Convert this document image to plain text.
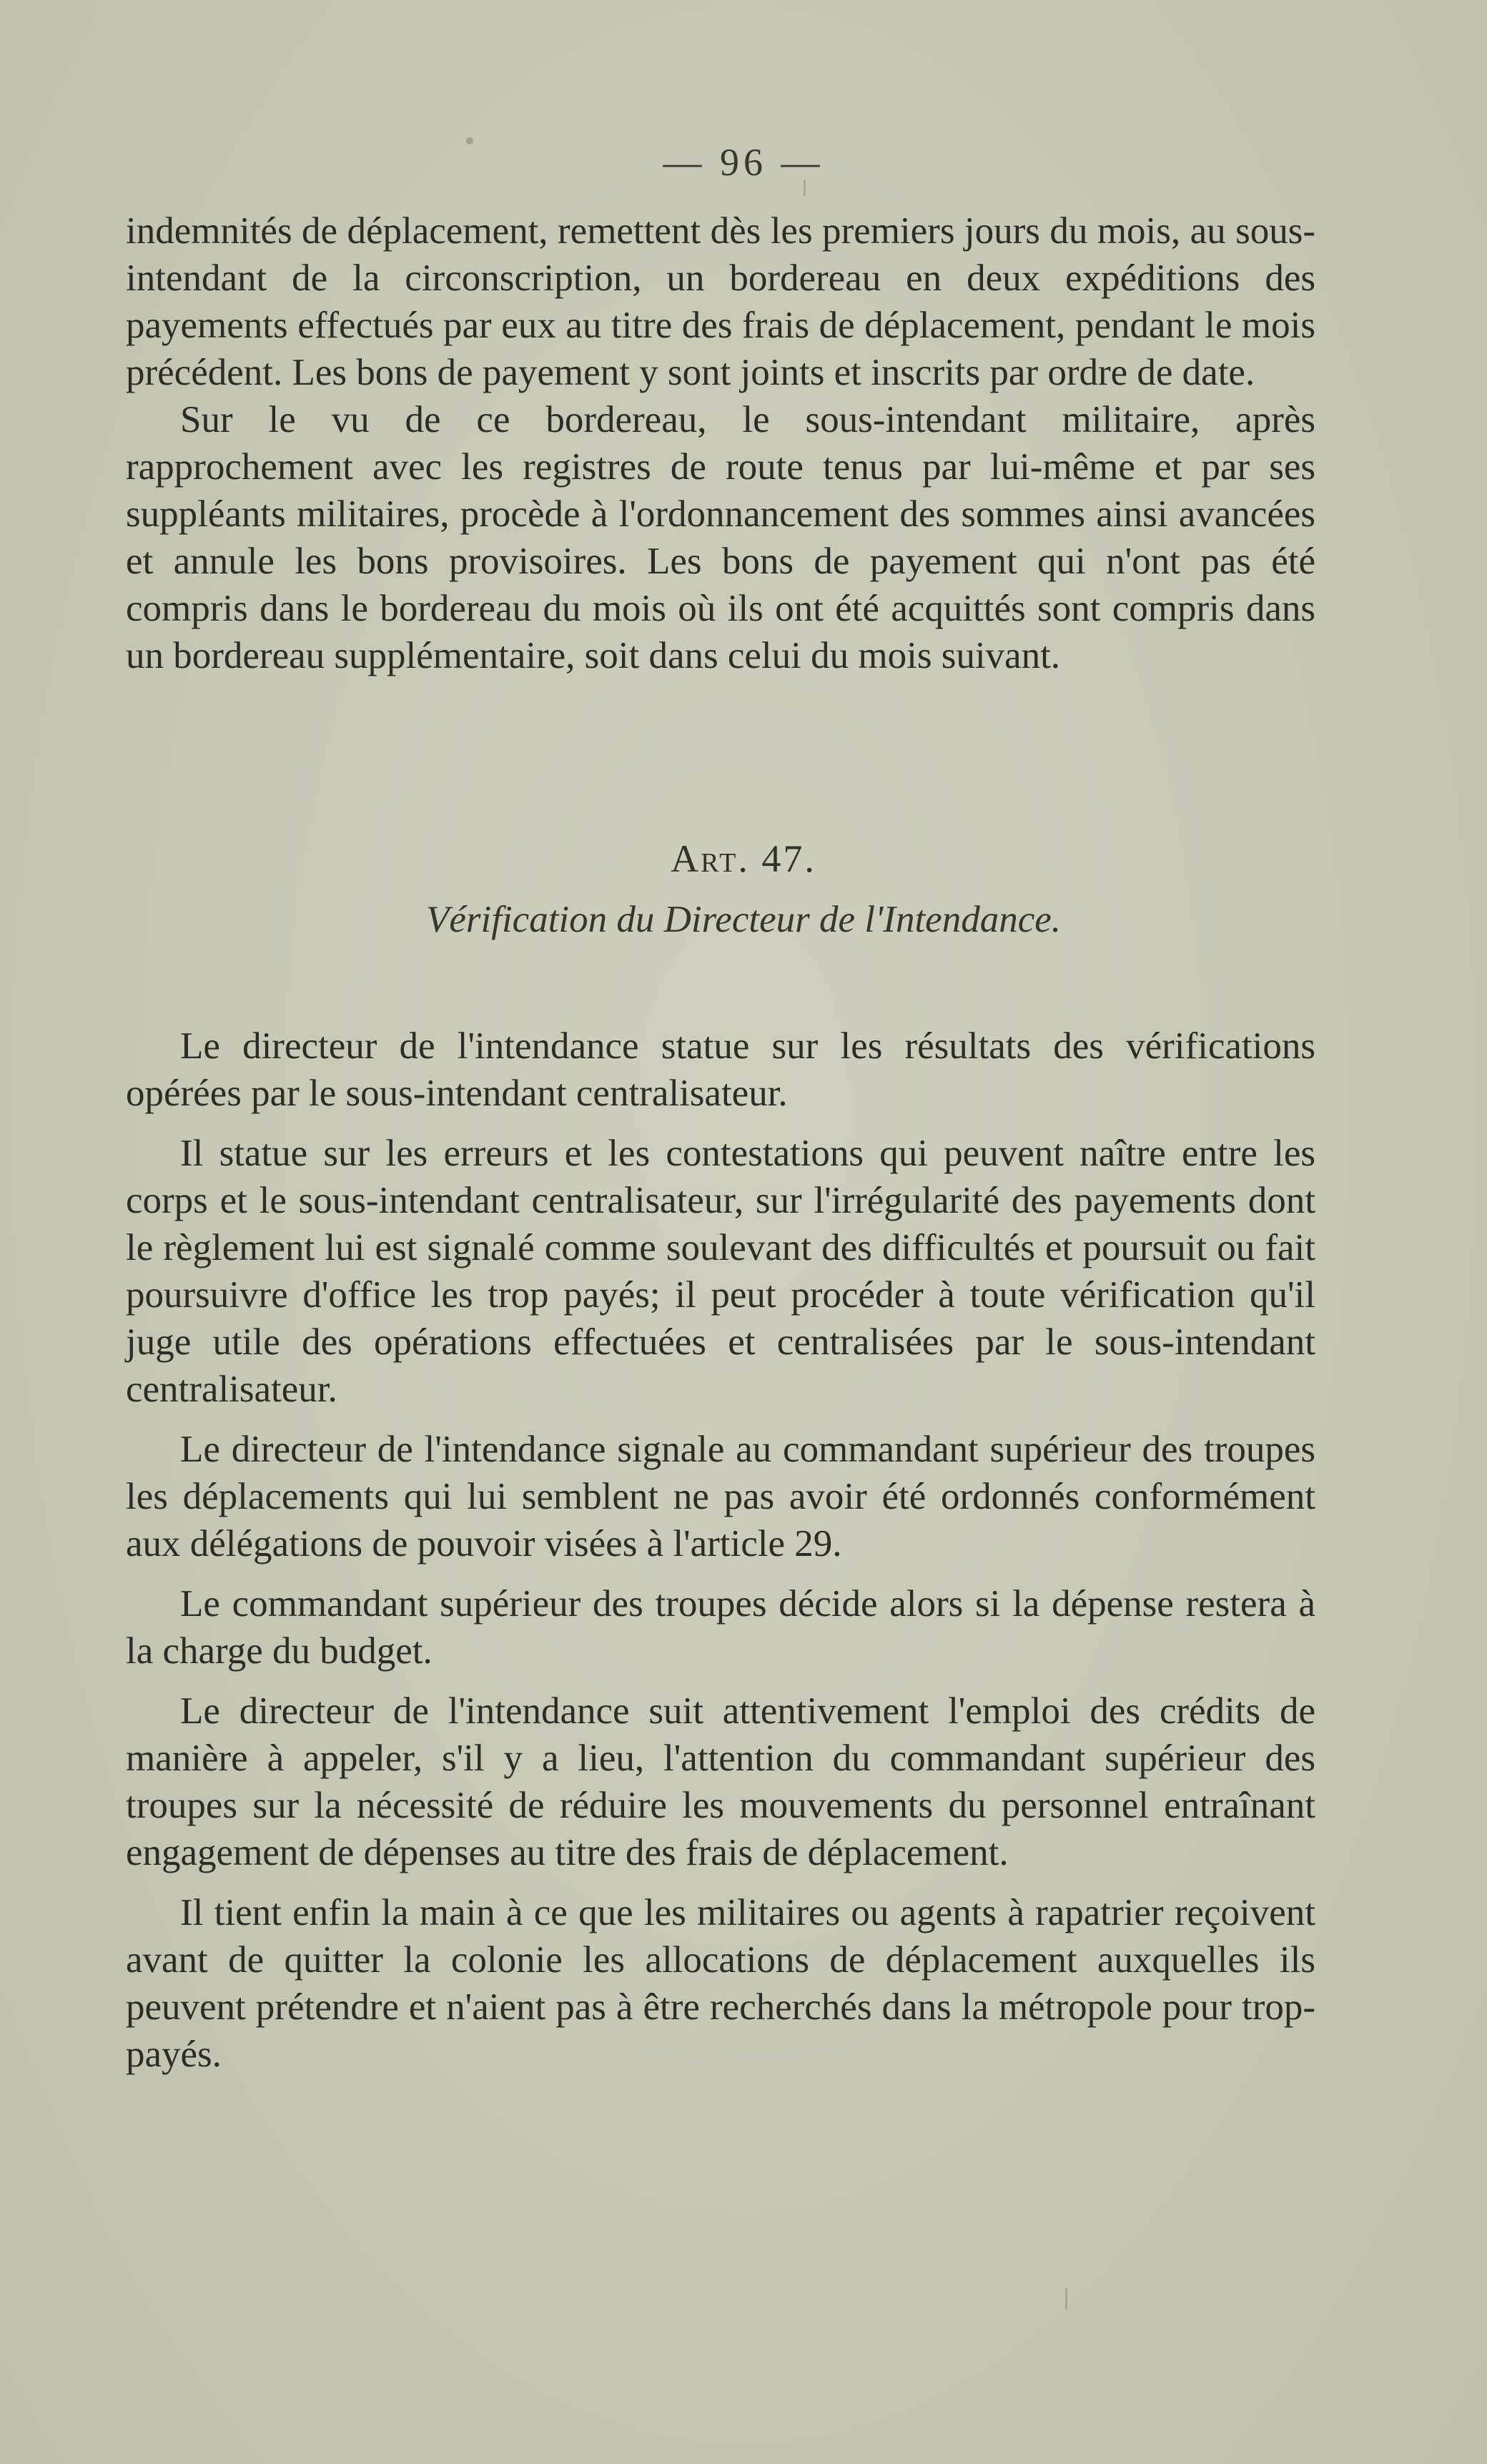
— 96 —

indemnités de déplacement, remettent dès les premiers jours du mois, au sous-intendant de la circonscription, un bordereau en deux expéditions des payements effectués par eux au titre des frais de déplacement, pendant le mois précédent. Les bons de payement y sont joints et inscrits par ordre de date.

Sur le vu de ce bordereau, le sous-intendant militaire, après rapprochement avec les registres de route tenus par lui-même et par ses suppléants militaires, procède à l'ordonnancement des sommes ainsi avancées et annule les bons provisoires. Les bons de payement qui n'ont pas été compris dans le bordereau du mois où ils ont été acquittés sont compris dans un bordereau supplémentaire, soit dans celui du mois suivant.

Art. 47.
Vérification du Directeur de l'Intendance.

Le directeur de l'intendance statue sur les résultats des vérifications opérées par le sous-intendant centralisateur.

Il statue sur les erreurs et les contestations qui peuvent naître entre les corps et le sous-intendant centralisateur, sur l'irrégularité des payements dont le règlement lui est signalé comme soulevant des difficultés et poursuit ou fait poursuivre d'office les trop payés; il peut procéder à toute vérification qu'il juge utile des opérations effectuées et centralisées par le sous-intendant centralisateur.

Le directeur de l'intendance signale au commandant supérieur des troupes les déplacements qui lui semblent ne pas avoir été ordonnés conformément aux délégations de pouvoir visées à l'article 29.

Le commandant supérieur des troupes décide alors si la dépense restera à la charge du budget.

Le directeur de l'intendance suit attentivement l'emploi des crédits de manière à appeler, s'il y a lieu, l'attention du commandant supérieur des troupes sur la nécessité de réduire les mouvements du personnel entraînant engagement de dépenses au titre des frais de déplacement.

Il tient enfin la main à ce que les militaires ou agents à rapatrier reçoivent avant de quitter la colonie les allocations de déplacement auxquelles ils peuvent prétendre et n'aient pas à être recherchés dans la métropole pour trop-payés.
